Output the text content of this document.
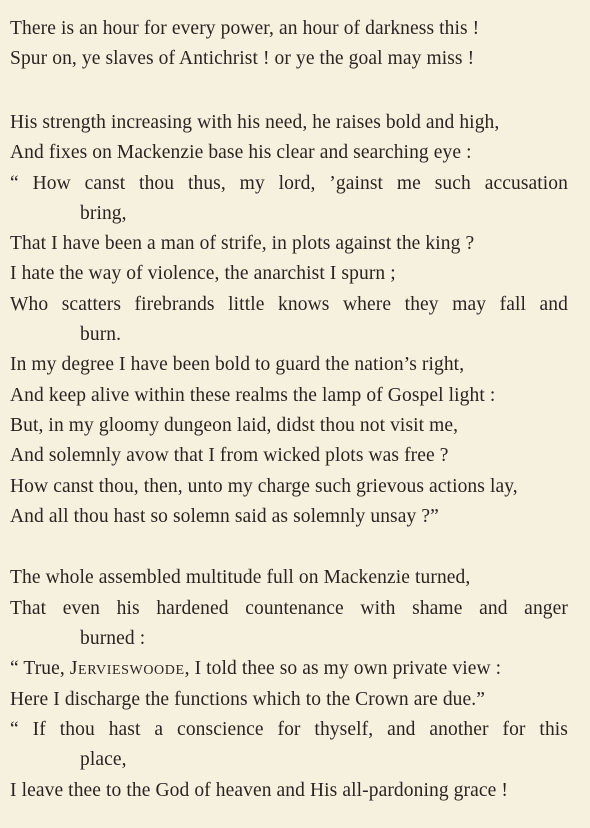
There is an hour for every power, an hour of darkness this !
Spur on, ye slaves of Antichrist ! or ye the goal may miss !
His strength increasing with his need, he raises bold and high,
And fixes on Mackenzie base his clear and searching eye :
“ How canst thou thus, my lord, ’gainst me such accusation
bring,
That I have been a man of strife, in plots against the king ?
I hate the way of violence, the anarchist I spurn ;
Who scatters firebrands little knows where they may fall and
burn.
In my degree I have been bold to guard the nation’s right,
And keep alive within these realms the lamp of Gospel light :
But, in my gloomy dungeon laid, didst thou not visit me,
And solemnly avow that I from wicked plots was free ?
How canst thou, then, unto my charge such grievous actions lay,
And all thou hast so solemn said as solemnly unsay ?”
The whole assembled multitude full on Mackenzie turned,
That even his hardened countenance with shame and anger
burned :
“ True, Jervieswoode, I told thee so as my own private view :
Here I discharge the functions which to the Crown are due.”
“ If thou hast a conscience for thyself, and another for this
place,
I leave thee to the God of heaven and His all-pardoning grace !
